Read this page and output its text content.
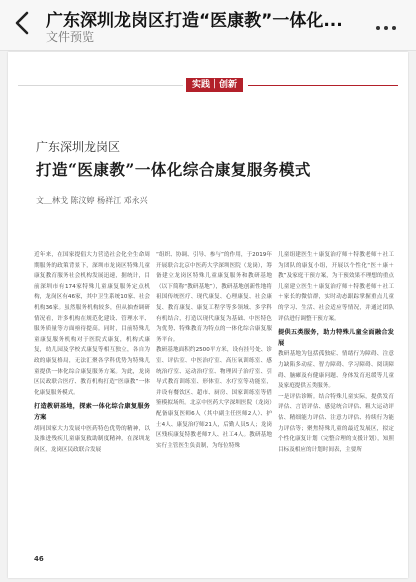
广东深圳龙岗区打造“医康教”一体化...
文件预览
实践｜创新
广东深圳龙岗区
打造“医康教”一体化综合康复服务模式
文＿林戈 陈汶婷 杨祥江 邓永兴

近年来，在国家提倡大力营造社会化全生命周期服务的政策背景下，深圳市龙岗区特殊儿童康复教育服务社会机构发展迅速，据统计，目前深圳市有174家特殊儿童康复服务定点机构，龙岗区有46家，其中卫生系统10家、社会机构36家。虽然服务机构较多，但从抽查调研情况看，许多机构在规范化建设、管理水平、服务质量等方面亟待提高。同时，目前特殊儿童康复服务机构对于医院式康复，机构式康复，幼儿园及学校式康复等相互独立，各自为政的康复格局，无法汇聚各学科优势为特殊儿童提供一体化综合康复服务方案。为此，龙岗区民政联合医疗、教育机构打造“医康教”一体化康复服务模式。

打造教研基地，探索一体化综合康复服务方案

胡同国家大力发展中医药特色优势的精神，以及推进残疾儿童康复救助制度精神，在深圳龙岗区，龙岗区民政联合发展

“组织、协调、引导、参与”的作用，于2019年开展联合北京中医药大学深圳医院（龙岗），筹备建立龙岗区特殊儿童康复服务和教研基地（以下简称“教研基地”），教研基地创新性地将祖国传统医疗、现代康复、心理康复、社会康复、教育康复、康复工程学等多领域、多学科有机结合，打造以现代康复为基础、中医特色为优势、特殊教育为特点的一体化综合康复服务平台。

教研基地面积约2500平方米，设有挂号处、诊室、评估室、中医治疗室、高压氧训练室、感统治疗室、运动治疗室、物理因子治疗室、引导式教育训练室、形体室、水疗室等功能室，并设有餐饮区、超市、厨房、国家训练室等借鉴模拟场所。北京中医药大学深圳医院（龙岗）配备康复医师6人（其中副主任医师2人）、护士4人、康复治疗师21人，后勤人员5人；龙岗区残疾康复特教老师7人、社工4人。教研基地实行主管医生负责制，为每位特殊

儿童组建医生＋康复治疗师＋特教老师＋社工为团队的康复小组，开展以个性化“医＋康＋教”及家庭干预方案，为干预效果不理想的重点儿童建立医生＋康复治疗师＋特教老师＋社工＋家长的微信群，实时动态跟踪掌握重点儿童的学习、生活、社会适应等情况，并通过团队评估进行调整干预方案。

提供五类服务，助力特殊儿童全面融合发展

教研基地为包括孤独症、情绪行为障碍、注意力缺陷多动症、智力障碍、学习障碍、阅读障碍、脑瘫及有健康问题、身体发育迟缓等儿童及家庭提供五类服务。

一是评估诊断。结合特殊儿童实际，提供发育评估、言语评估、感觉统合评估、粗大运动评估、精细能力评估、注意力评估、持续行为能力评估等；聚焦特殊儿童的最近发展区，拟定个性化康复计划（完整合理的支援计划），知照目标及相应的计划时间表，主要所

46
